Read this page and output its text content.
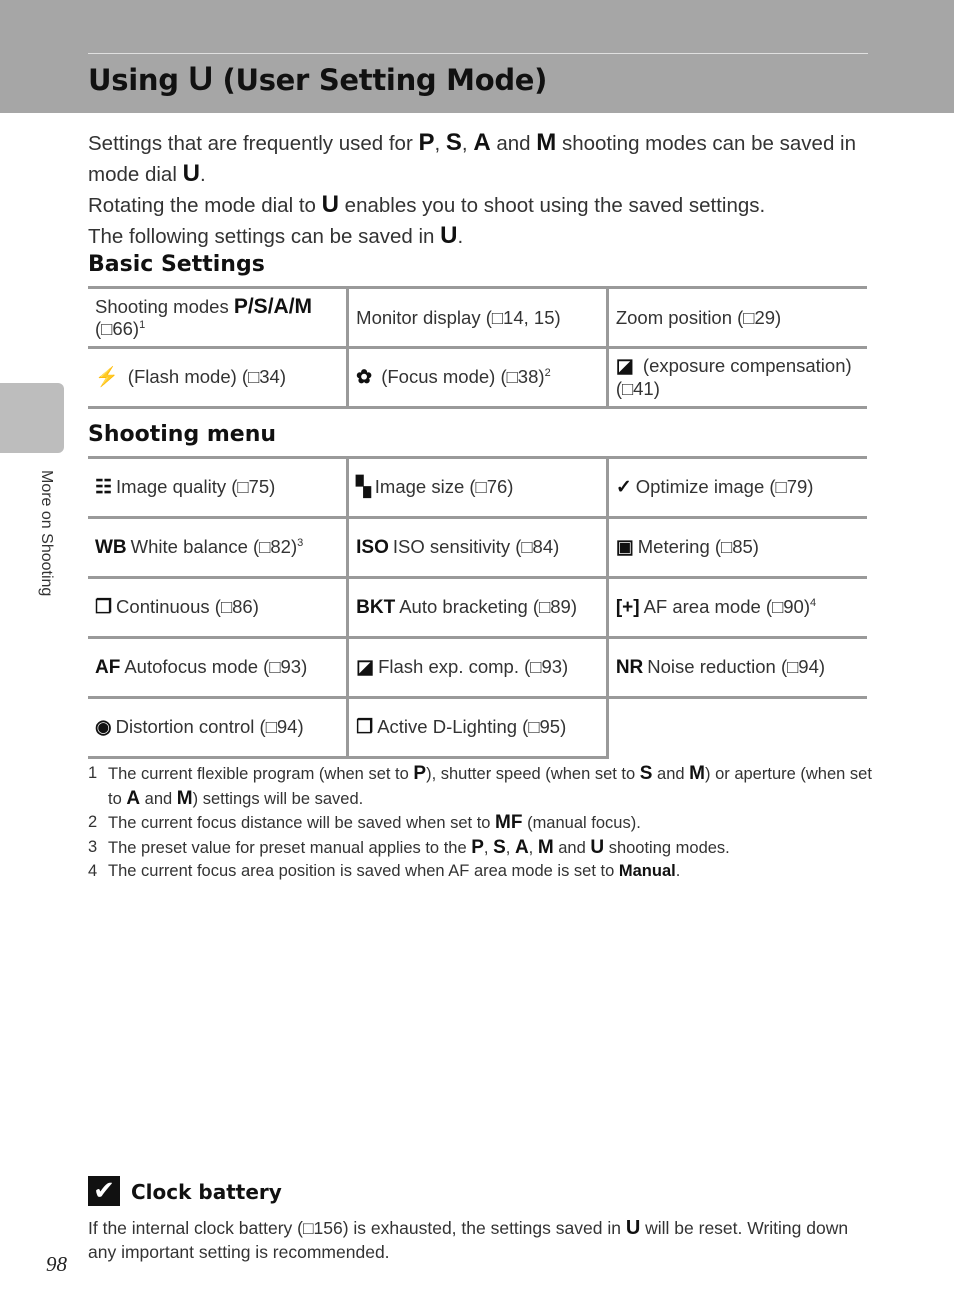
Using U (User Setting Mode)
More on Shooting

Settings that are frequently used for P, S, A and M shooting modes can be saved in mode dial U.

Rotating the mode dial to U enables you to shoot using the saved settings.

The following settings can be saved in U.

Basic Settings
Shooting modes P/S/A/M (□66)$^1$	Monitor display (□14, 15)	Zoom position (□29)
⚡ (Flash mode) (□34)	✿ (Focus mode) (□38)$^2$	◪ (exposure compensation) (□41)
Shooting menu
☷ Image quality (□75)	▚ Image size (□76)	✓ Optimize image (□79)
WB White balance (□82)$^3$	ISO ISO sensitivity (□84)	▣ Metering (□85)
❐ Continuous (□86)	BKT Auto bracketing (□89)	[+] AF area mode (□90)$^4$
AF Autofocus mode (□93)	◪ Flash exp. comp. (□93)	NR Noise reduction (□94)
◉ Distortion control (□94)	❒ Active D-Lighting (□95)	
1 The current flexible program (when set to P), shutter speed (when set to S and M) or aperture (when set to A and M) settings will be saved.
2 The current focus distance will be saved when set to MF (manual focus).
3 The preset value for preset manual applies to the P, S, A, M and U shooting modes.
4 The current focus area position is saved when AF area mode is set to Manual.
✔ Clock battery
If the internal clock battery (□156) is exhausted, the settings saved in U will be reset. Writing down any important setting is recommended.
98
